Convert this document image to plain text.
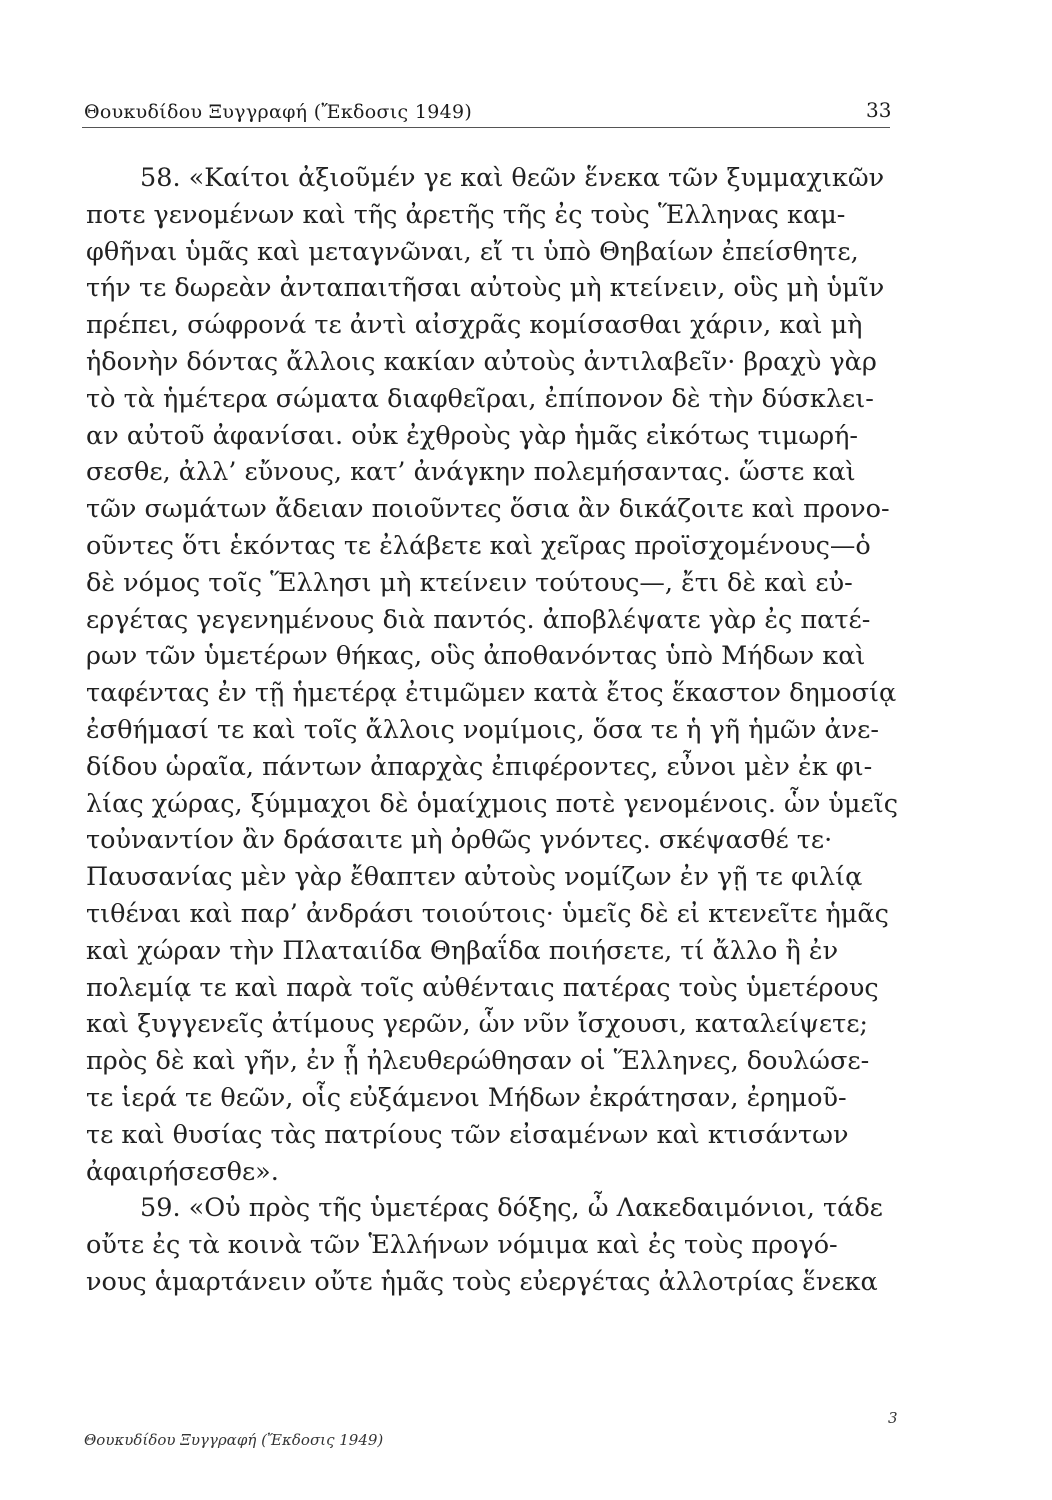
Θουκυδίδου Ξυγγραφή (Ἔκδοσις 1949)	33
58. «Καίτοι ἀξιοῦμέν γε καὶ θεῶν ἕνεκα τῶν ξυμμαχικῶν
ποτε γενομένων καὶ τῆς ἀρετῆς τῆς ἐς τοὺς Ἕλληνας καμ-
φθῆναι ὑμᾶς καὶ μεταγνῶναι, εἴ τι ὑπὸ Θηβαίων ἐπείσθητε,
τήν τε δωρεὰν ἀνταπαιτῆσαι αὐτοὺς μὴ κτείνειν, οὓς μὴ ὑμῖν
πρέπει, σώφρονά τε ἀντὶ αἰσχρᾶς κομίσασθαι χάριν, καὶ μὴ
ἡδονὴν δόντας ἄλλοις κακίαν αὐτοὺς ἀντιλαβεῖν· βραχὺ γὰρ
τὸ τὰ ἡμέτερα σώματα διαφθεῖραι, ἐπίπονον δὲ τὴν δύσκλει-
αν αὐτοῦ ἀφανίσαι. οὐκ ἐχθροὺς γὰρ ἡμᾶς εἰκότως τιμωρή-
σεσθε, ἀλλ’ εὔνους, κατ’ ἀνάγκην πολεμήσαντας. ὥστε καὶ
τῶν σωμάτων ἄδειαν ποιοῦντες ὅσια ἂν δικάζοιτε καὶ προνο-
οῦντες ὅτι ἑκόντας τε ἐλάβετε καὶ χεῖρας προϊσχομένους—ὁ
δὲ νόμος τοῖς Ἕλλησι μὴ κτείνειν τούτους—, ἔτι δὲ καὶ εὐ-
εργέτας γεγενημένους διὰ παντός. ἀποβλέψατε γὰρ ἐς πατέ-
ρων τῶν ὑμετέρων θήκας, οὓς ἀποθανόντας ὑπὸ Μήδων καὶ
ταφέντας ἐν τῇ ἡμετέρᾳ ἐτιμῶμεν κατὰ ἔτος ἕκαστον δημοσίᾳ
ἐσθήμασί τε καὶ τοῖς ἄλλοις νομίμοις, ὅσα τε ἡ γῆ ἡμῶν ἀνε-
δίδου ὡραῖα, πάντων ἀπαρχὰς ἐπιφέροντες, εὖνοι μὲν ἐκ φι-
λίας χώρας, ξύμμαχοι δὲ ὁμαίχμοις ποτὲ γενομένοις. ὧν ὑμεῖς
τοὐναντίον ἂν δράσαιτε μὴ ὀρθῶς γνόντες. σκέψασθέ τε·
Παυσανίας μὲν γὰρ ἔθαπτεν αὐτοὺς νομίζων ἐν γῇ τε φιλίᾳ
τιθέναι καὶ παρ’ ἀνδράσι τοιούτοις· ὑμεῖς δὲ εἰ κτενεῖτε ἡμᾶς
καὶ χώραν τὴν Πλαταιίδα Θηβαΐδα ποιήσετε, τί ἄλλο ἢ ἐν
πολεμίᾳ τε καὶ παρὰ τοῖς αὐθένταις πατέρας τοὺς ὑμετέρους
καὶ ξυγγενεῖς ἀτίμους γερῶν, ὧν νῦν ἴσχουσι, καταλείψετε;
πρὸς δὲ καὶ γῆν, ἐν ᾗ ἠλευθερώθησαν οἱ Ἕλληνες, δουλώσε-
τε ἱερά τε θεῶν, οἷς εὐξάμενοι Μήδων ἐκράτησαν, ἐρημοῦ-
τε καὶ θυσίας τὰς πατρίους τῶν εἰσαμένων καὶ κτισάντων
ἀφαιρήσεσθε».
59. «Οὐ πρὸς τῆς ὑμετέρας δόξης, ὦ Λακεδαιμόνιοι, τάδε
οὔτε ἐς τὰ κοινὰ τῶν Ἑλλήνων νόμιμα καὶ ἐς τοὺς προγό-
νους ἁμαρτάνειν οὔτε ἡμᾶς τοὺς εὐεργέτας ἀλλοτρίας ἕνεκα
Θουκυδίδου Ξυγγραφή (Ἔκδοσις 1949)
3
